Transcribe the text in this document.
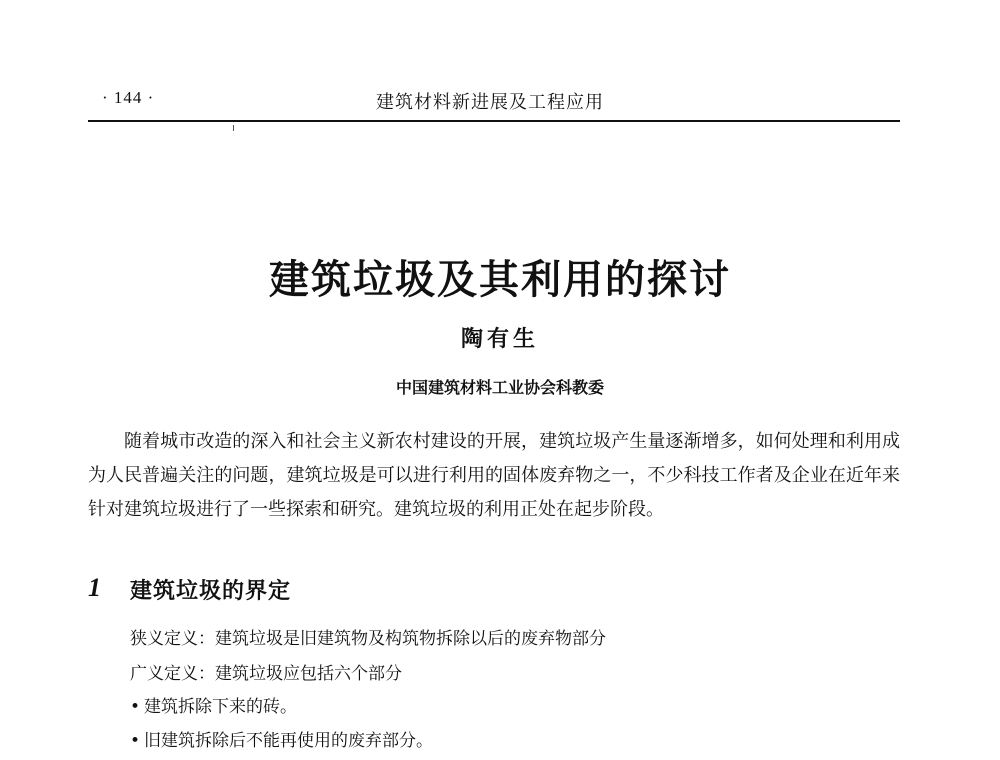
· 144 ·	建筑材料新进展及工程应用
建筑垃圾及其利用的探讨
陶有生
中国建筑材料工业协会科教委

随着城市改造的深入和社会主义新农村建设的开展，建筑垃圾产生量逐渐增多，如何处理和利用成为人民普遍关注的问题，建筑垃圾是可以进行利用的固体废弃物之一，不少科技工作者及企业在近年来针对建筑垃圾进行了一些探索和研究。建筑垃圾的利用正处在起步阶段。

1 建筑垃圾的界定
狭义定义：建筑垃圾是旧建筑物及构筑物拆除以后的废弃物部分
广义定义：建筑垃圾应包括六个部分
• 建筑拆除下来的砖。
• 旧建筑拆除后不能再使用的废弃部分。
